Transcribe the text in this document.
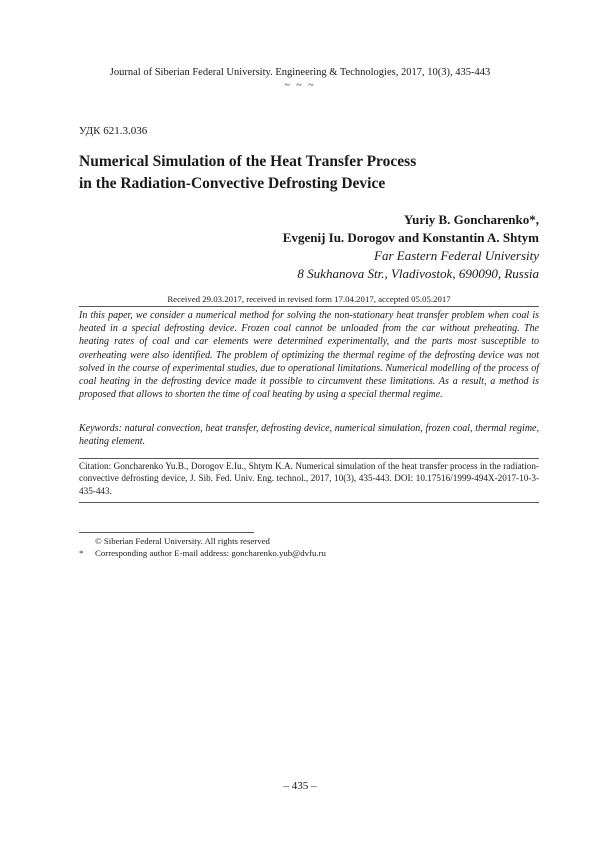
Journal of Siberian Federal University. Engineering & Technologies, 2017, 10(3), 435-443
~ ~ ~
УДК 621.3.036
Numerical Simulation of the Heat Transfer Process
in the Radiation-Convective Defrosting Device
Yuriy B. Goncharenko*,
Evgenij Iu. Dorogov and Konstantin A. Shtym
Far Eastern Federal University
8 Sukhanova Str., Vladivostok, 690090, Russia
Received 29.03.2017, received in revised form 17.04.2017, accepted 05.05.2017
In this paper, we consider a numerical method for solving the non-stationary heat transfer problem when coal is heated in a special defrosting device. Frozen coal cannot be unloaded from the car without preheating. The heating rates of coal and car elements were determined experimentally, and the parts most susceptible to overheating were also identified. The problem of optimizing the thermal regime of the defrosting device was not solved in the course of experimental studies, due to operational limitations. Numerical modelling of the process of coal heating in the defrosting device made it possible to circumvent these limitations. As a result, a method is proposed that allows to shorten the time of coal heating by using a special thermal regime.
Keywords: natural convection, heat transfer, defrosting device, numerical simulation, frozen coal, thermal regime, heating element.
Citation: Goncharenko Yu.B., Dorogov E.Iu., Shtym K.A. Numerical simulation of the heat transfer process in the radiation-convective defrosting device, J. Sib. Fed. Univ. Eng. technol., 2017, 10(3), 435-443. DOI: 10.17516/1999-494X-2017-10-3-435-443.
© Siberian Federal University. All rights reserved
*	Corresponding author E-mail address: goncharenko.yub@dvfu.ru
– 435 –
